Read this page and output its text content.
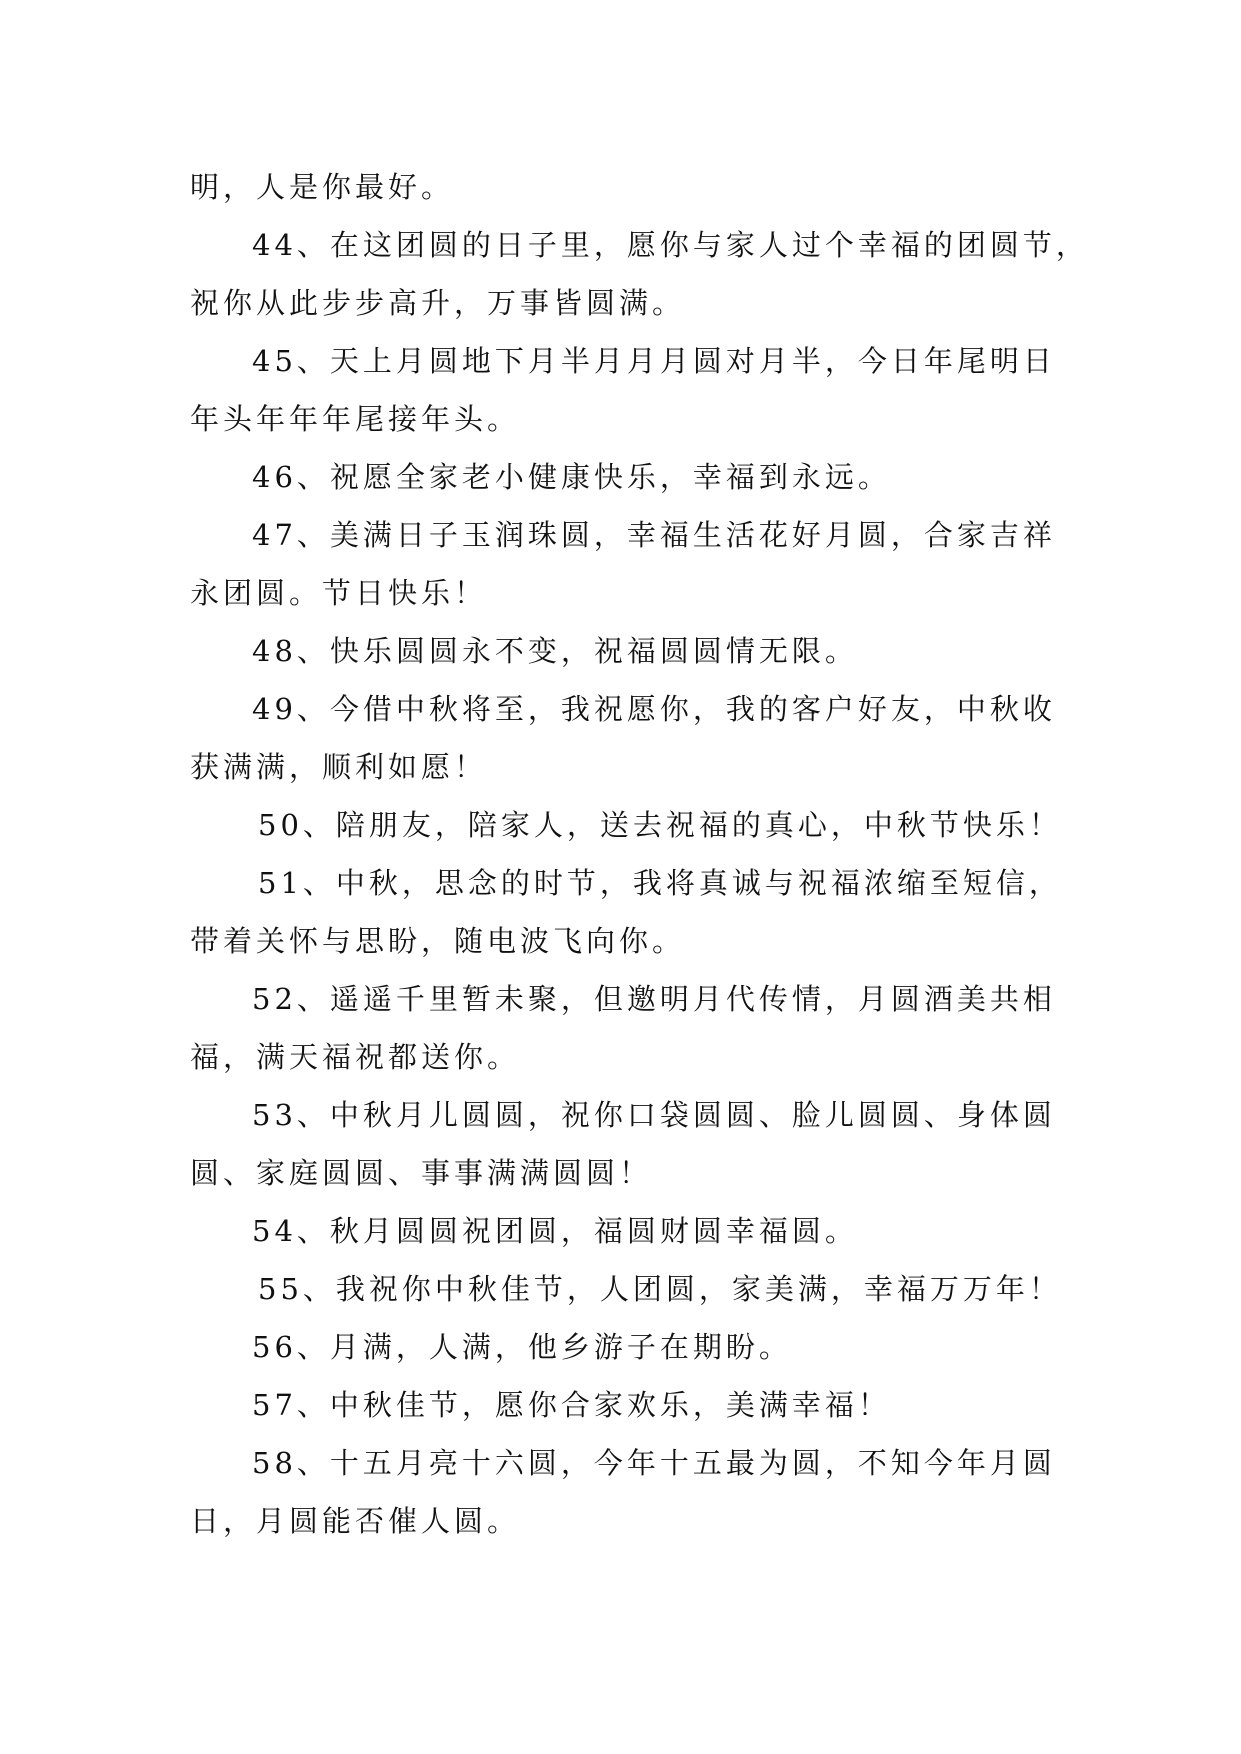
明，人是你最好。
44、在这团圆的日子里，愿你与家人过个幸福的团圆节，
祝你从此步步高升，万事皆圆满。
45、天上月圆地下月半月月月圆对月半，今日年尾明日
年头年年年尾接年头。
46、祝愿全家老小健康快乐，幸福到永远。
47、美满日子玉润珠圆，幸福生活花好月圆，合家吉祥
永团圆。节日快乐！
48、快乐圆圆永不变，祝福圆圆情无限。
49、今借中秋将至，我祝愿你，我的客户好友，中秋收
获满满，顺利如愿！
50、陪朋友，陪家人，送去祝福的真心，中秋节快乐！
51、中秋，思念的时节，我将真诚与祝福浓缩至短信，
带着关怀与思盼，随电波飞向你。
52、遥遥千里暂未聚，但邀明月代传情，月圆酒美共相
福，满天福祝都送你。
53、中秋月儿圆圆，祝你口袋圆圆、脸儿圆圆、身体圆
圆、家庭圆圆、事事满满圆圆！
54、秋月圆圆祝团圆，福圆财圆幸福圆。
55、我祝你中秋佳节，人团圆，家美满，幸福万万年！
56、月满，人满，他乡游子在期盼。
57、中秋佳节，愿你合家欢乐，美满幸福！
58、十五月亮十六圆，今年十五最为圆，不知今年月圆
日，月圆能否催人圆。
